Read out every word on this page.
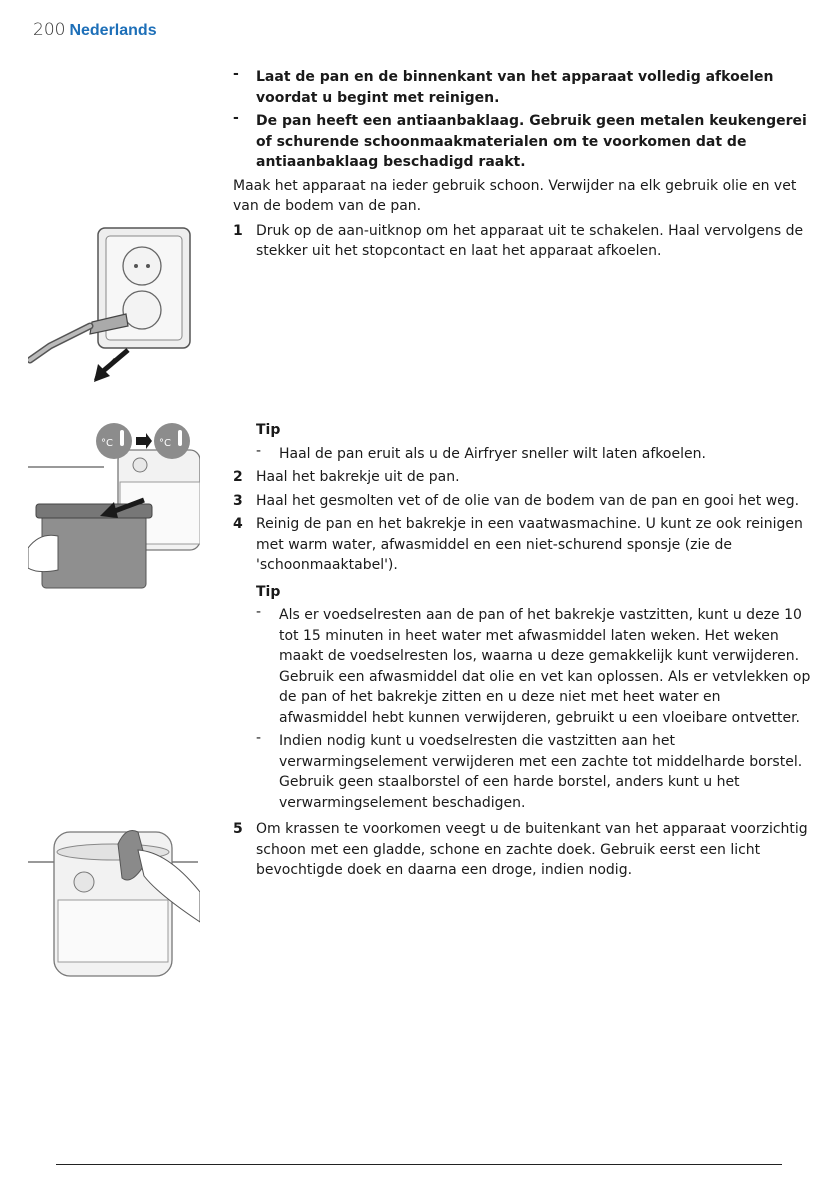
200 Nederlands
°C	°C
- Laat de pan en de binnenkant van het apparaat volledig afkoelen voordat u begint met reinigen.
- De pan heeft een antiaanbaklaag. Gebruik geen metalen keukengerei of schurende schoonmaakmaterialen om te voorkomen dat de antiaanbaklaag beschadigd raakt.
Maak het apparaat na ieder gebruik schoon. Verwijder na elk gebruik olie en vet van de bodem van de pan.
1 Druk op de aan-uitknop om het apparaat uit te schakelen. Haal vervolgens de stekker uit het stopcontact en laat het apparaat afkoelen.
Tip
- Haal de pan eruit als u de Airfryer sneller wilt laten afkoelen.
2 Haal het bakrekje uit de pan.
3 Haal het gesmolten vet of de olie van de bodem van de pan en gooi het weg.
4 Reinig de pan en het bakrekje in een vaatwasmachine. U kunt ze ook reinigen met warm water, afwasmiddel en een niet-schurend sponsje (zie de 'schoonmaaktabel').
Tip
- Als er voedselresten aan de pan of het bakrekje vastzitten, kunt u deze 10 tot 15 minuten in heet water met afwasmiddel laten weken. Het weken maakt de voedselresten los, waarna u deze gemakkelijk kunt verwijderen. Gebruik een afwasmiddel dat olie en vet kan oplossen. Als er vetvlekken op de pan of het bakrekje zitten en u deze niet met heet water en afwasmiddel hebt kunnen verwijderen, gebruikt u een vloeibare ontvetter.
- Indien nodig kunt u voedselresten die vastzitten aan het verwarmingselement verwijderen met een zachte tot middelharde borstel. Gebruik geen staalborstel of een harde borstel, anders kunt u het verwarmingselement beschadigen.
5 Om krassen te voorkomen veegt u de buitenkant van het apparaat voorzichtig schoon met een gladde, schone en zachte doek. Gebruik eerst een licht bevochtigde doek en daarna een droge, indien nodig.
